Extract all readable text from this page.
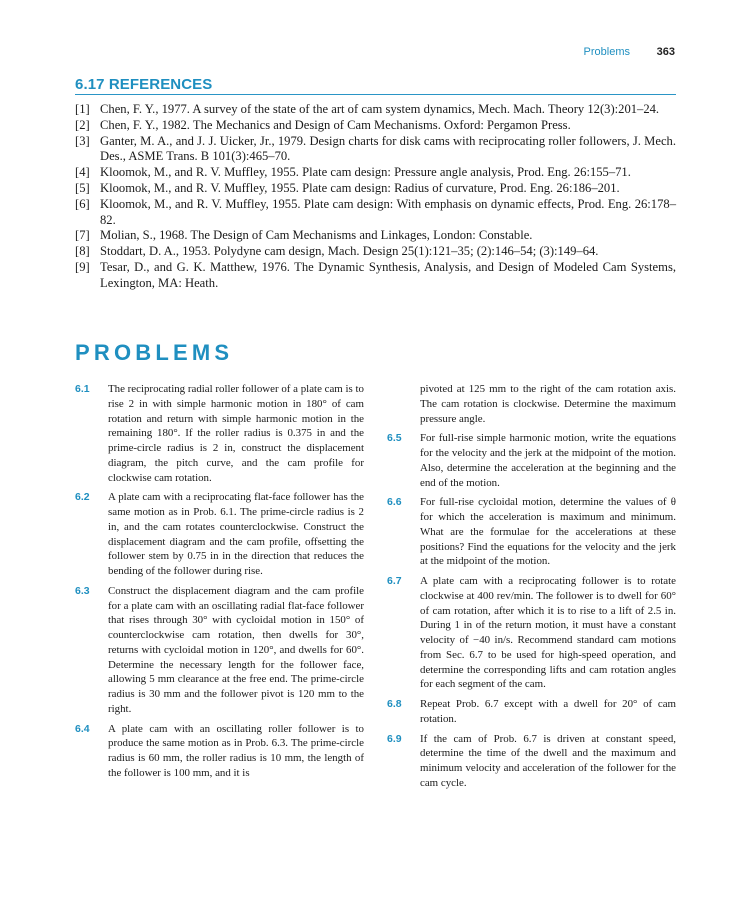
Problems 363
6.17 REFERENCES
[1] Chen, F. Y., 1977. A survey of the state of the art of cam system dynamics, Mech. Mach. Theory 12(3):201–24.
[2] Chen, F. Y., 1982. The Mechanics and Design of Cam Mechanisms. Oxford: Pergamon Press.
[3] Ganter, M. A., and J. J. Uicker, Jr., 1979. Design charts for disk cams with reciprocating roller followers, J. Mech. Des., ASME Trans. B 101(3):465–70.
[4] Kloomok, M., and R. V. Muffley, 1955. Plate cam design: Pressure angle analysis, Prod. Eng. 26:155–71.
[5] Kloomok, M., and R. V. Muffley, 1955. Plate cam design: Radius of curvature, Prod. Eng. 26:186–201.
[6] Kloomok, M., and R. V. Muffley, 1955. Plate cam design: With emphasis on dynamic effects, Prod. Eng. 26:178–82.
[7] Molian, S., 1968. The Design of Cam Mechanisms and Linkages, London: Constable.
[8] Stoddart, D. A., 1953. Polydyne cam design, Mach. Design 25(1):121–35; (2):146–54; (3):149–64.
[9] Tesar, D., and G. K. Matthew, 1976. The Dynamic Synthesis, Analysis, and Design of Modeled Cam Systems, Lexington, MA: Heath.
PROBLEMS
6.1 The reciprocating radial roller follower of a plate cam is to rise 2 in with simple harmonic motion in 180° of cam rotation and return with simple harmonic motion in the remaining 180°. If the roller radius is 0.375 in and the prime-circle radius is 2 in, construct the displacement diagram, the pitch curve, and the cam profile for clockwise cam rotation.
6.2 A plate cam with a reciprocating flat-face follower has the same motion as in Prob. 6.1. The prime-circle radius is 2 in, and the cam rotates counterclockwise. Construct the displacement diagram and the cam profile, offsetting the follower stem by 0.75 in in the direction that reduces the bending of the follower during rise.
6.3 Construct the displacement diagram and the cam profile for a plate cam with an oscillating radial flat-face follower that rises through 30° with cycloidal motion in 150° of counterclockwise cam rotation, then dwells for 30°, returns with cycloidal motion in 120°, and dwells for 60°. Determine the necessary length for the follower face, allowing 5 mm clearance at the free end. The prime-circle radius is 30 mm and the follower pivot is 120 mm to the right.
6.4 A plate cam with an oscillating roller follower is to produce the same motion as in Prob. 6.3. The prime-circle radius is 60 mm, the roller radius is 10 mm, the length of the follower is 100 mm, and it is
pivoted at 125 mm to the right of the cam rotation axis. The cam rotation is clockwise. Determine the maximum pressure angle.
6.5 For full-rise simple harmonic motion, write the equations for the velocity and the jerk at the midpoint of the motion. Also, determine the acceleration at the beginning and the end of the motion.
6.6 For full-rise cycloidal motion, determine the values of θ for which the acceleration is maximum and minimum. What are the formulae for the accelerations at these positions? Find the equations for the velocity and the jerk at the midpoint of the motion.
6.7 A plate cam with a reciprocating follower is to rotate clockwise at 400 rev/min. The follower is to dwell for 60° of cam rotation, after which it is to rise to a lift of 2.5 in. During 1 in of the return motion, it must have a constant velocity of −40 in/s. Recommend standard cam motions from Sec. 6.7 to be used for high-speed operation, and determine the corresponding lifts and cam rotation angles for each segment of the cam.
6.8 Repeat Prob. 6.7 except with a dwell for 20° of cam rotation.
6.9 If the cam of Prob. 6.7 is driven at constant speed, determine the time of the dwell and the maximum and minimum velocity and acceleration of the follower for the cam cycle.
